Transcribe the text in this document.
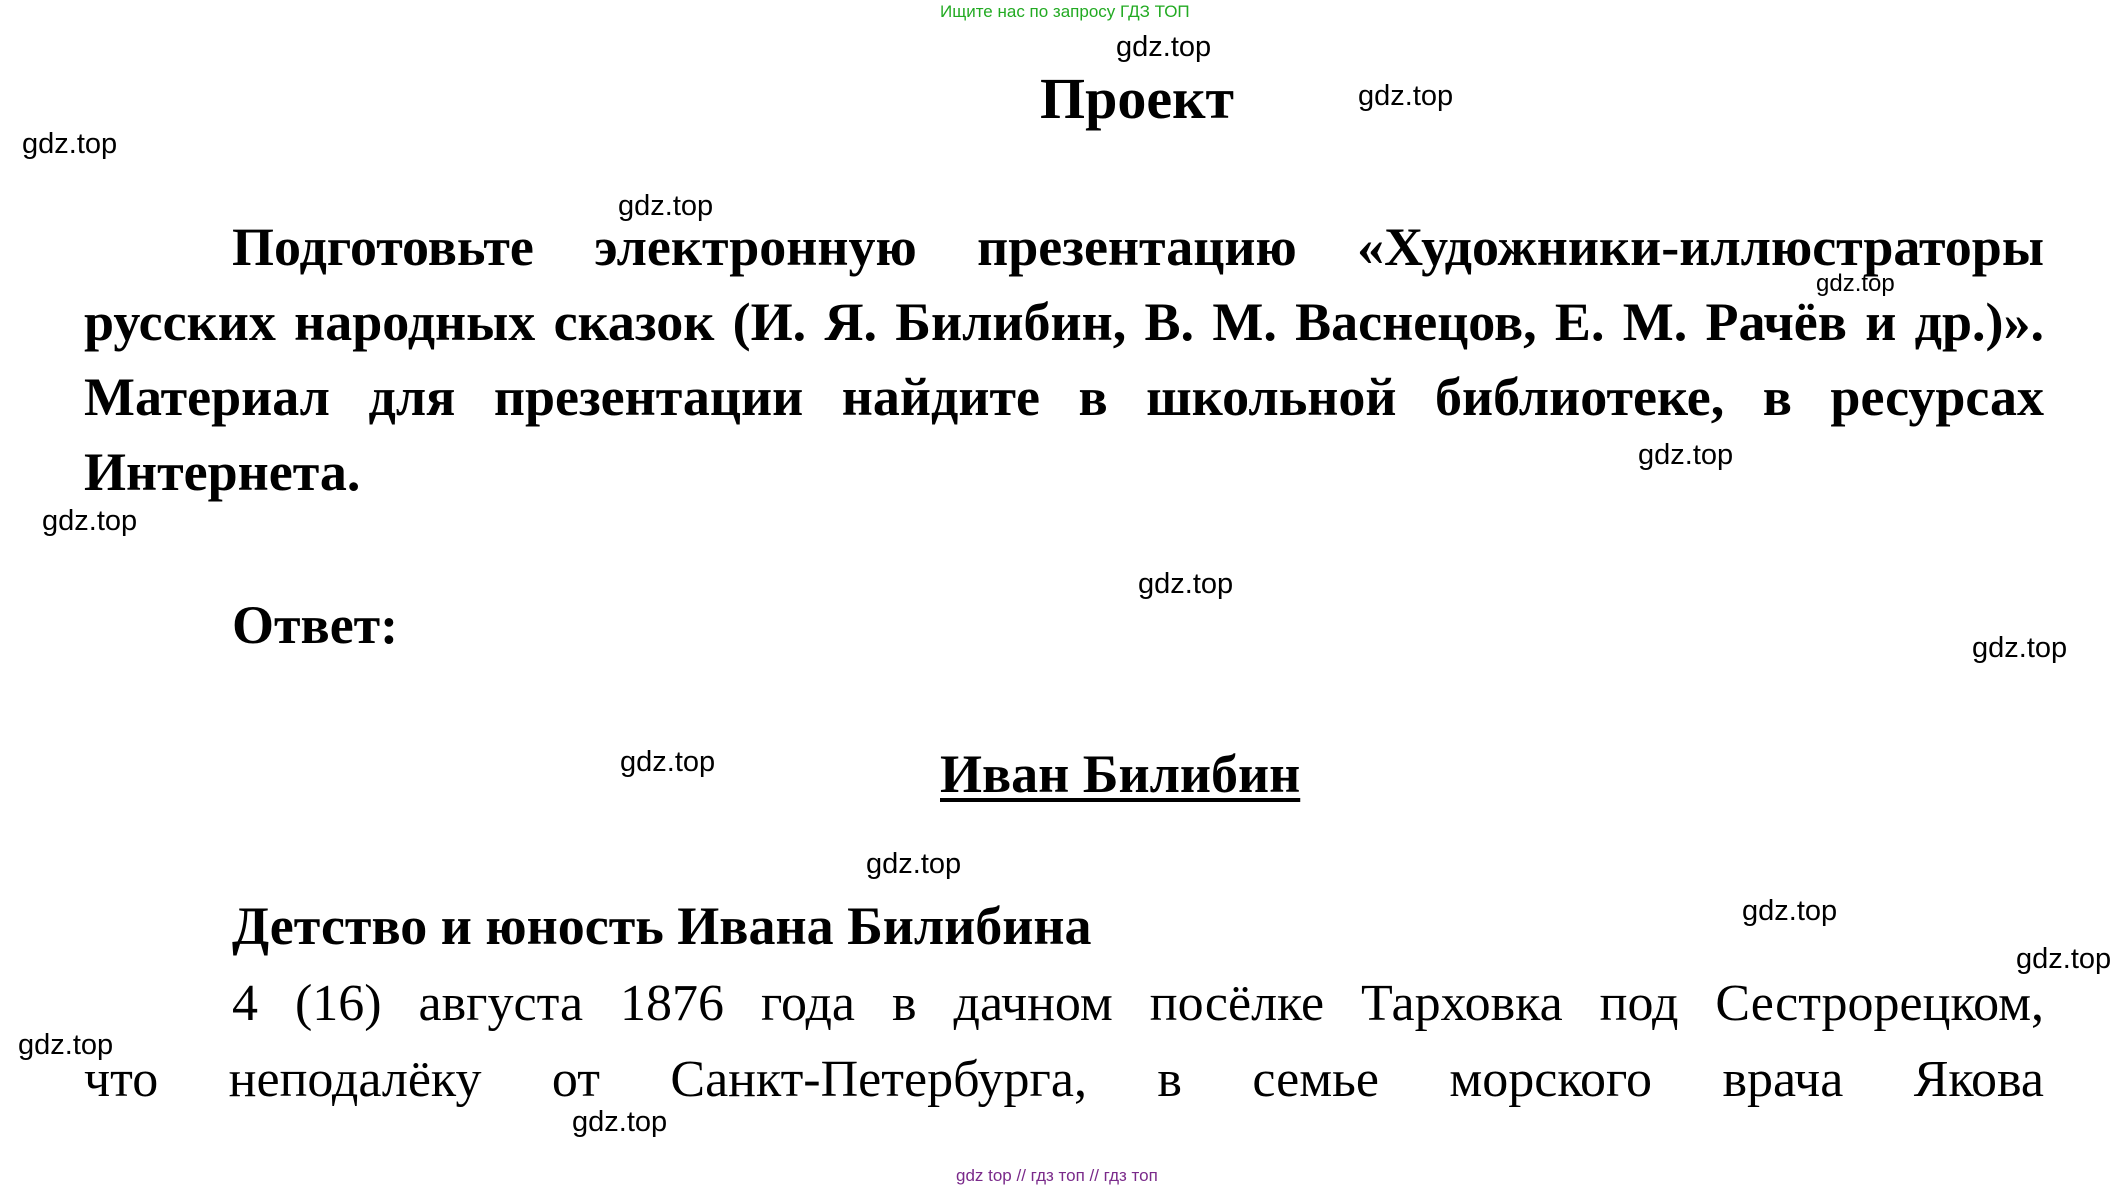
Ищите нас по запросу ГДЗ ТОП
Проект
Подготовьте электронную презентацию «Художники-иллюстраторы русских народных сказок (И. Я. Билибин, В. М. Васнецов, Е. М. Рачёв и др.)». Материал для презентации найдите в школьной библиотеке, в ресурсах Интернета.
Ответ:
Иван Билибин
Детство и юность Ивана Билибина
4 (16) августа 1876 года в дачном посёлке Тарховка под Сестрорецком,
что неподалёку от Санкт-Петербурга, в семье морского врача Якова
gdz.top
gdz.top
gdz.top
gdz.top
gdz.top
gdz.top
gdz.top
gdz.top
gdz.top
gdz.top
gdz.top
gdz.top
gdz.top
gdz.top
gdz.top
gdz top // гдз топ // гдз топ
